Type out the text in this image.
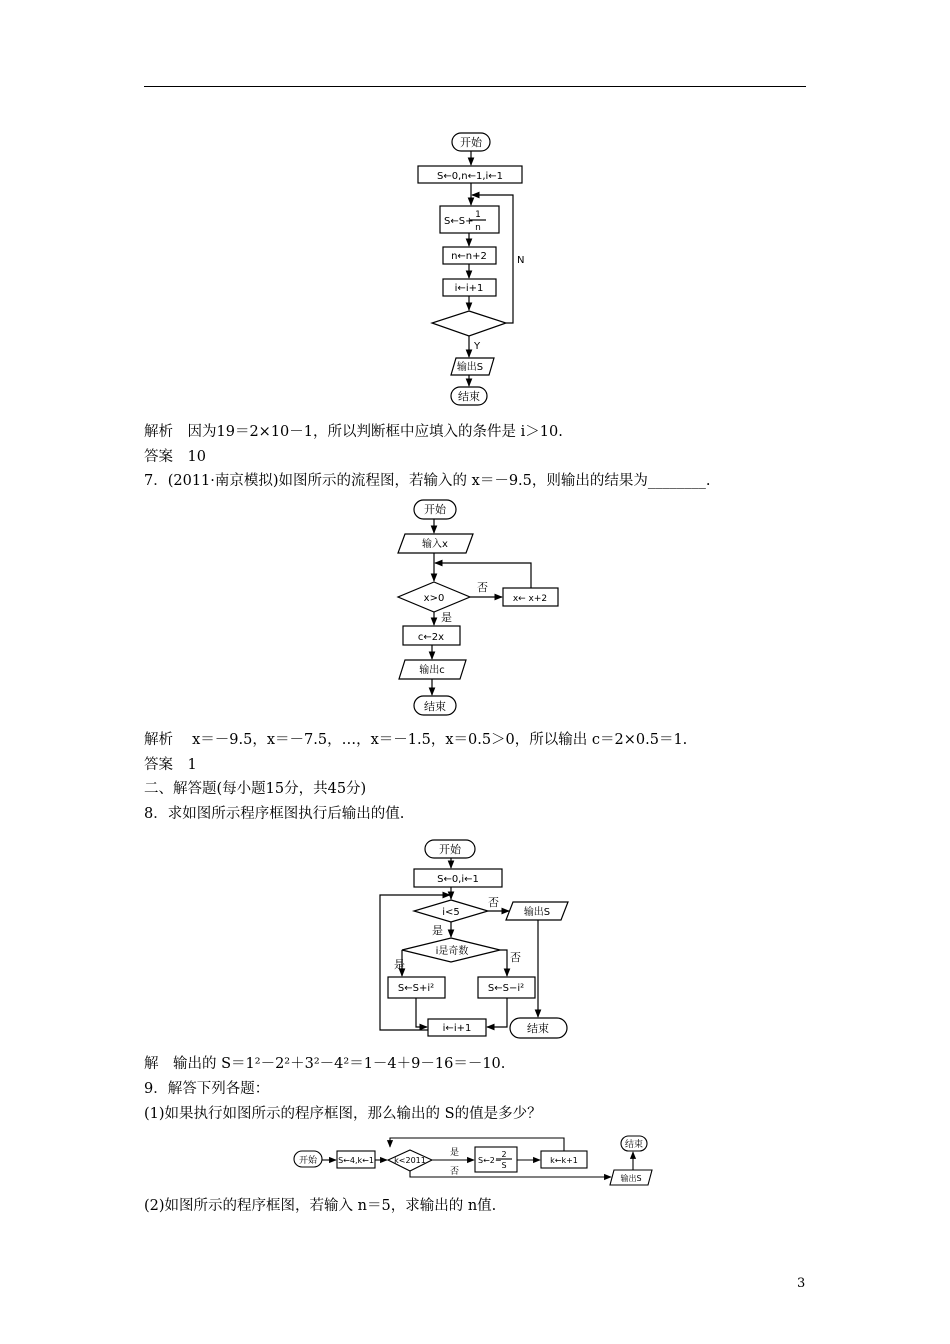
开始
S←0,n←1,i←1
S←S+
1
n
n←n+2
i←i+1
Y
N
输出S
结束
解析　因为19＝2×10－1，所以判断框中应填入的条件是 i＞10.
答案　10
7．(2011·南京模拟)如图所示的流程图，若输入的 x＝－9.5，则输出的结果为________.
开始
输入x
x>0
否
是
x← x+2
c←2x
输出c
结束
解析　 x＝－9.5，x＝－7.5，…，x＝－1.5，x＝0.5＞0，所以输出 c＝2×0.5＝1.
答案　1
二、解答题(每小题15分，共45分)
8．求如图所示程序框图执行后输出的值.
开始
S←0,i←1
i<5
否
输出S
是
i是奇数
是
否
S←S+i²	S←S−i²
i←i+1	结束
解　输出的 S＝1²－2²＋3²－4²＝1－4＋9－16＝－10.
9．解答下列各题：
(1)如果执行如图所示的程序框图，那么输出的 S的值是多少？
开始	S←4,k←1	k<2011
是
否
S←2−
2
S
k←k+1
输出S
结束
(2)如图所示的程序框图，若输入 n＝5，求输出的 n值.
3
